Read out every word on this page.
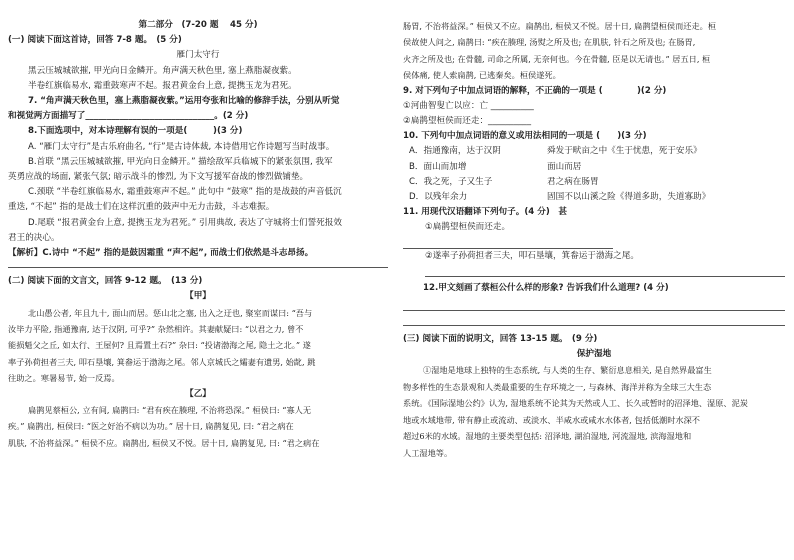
第二部分　(7-20 题　 45 分)
(一) 阅读下面这首诗，回答 7-8 题。　(5 分)
雁门太守行
黑云压城城欲摧, 甲光向日金鳞开。角声满天秋色里, 塞上燕脂凝夜紫。
半卷红旗临易水, 霜重鼓寒声不起。报君黄金台上意, 提携玉龙为君死。
7. “角声满天秋色里，塞上燕脂凝夜紫。”运用夸张和比喻的修辞手法，分别从听觉
和视觉两方面描写了______________________________。(2 分)
8.下面选项中，对本诗理解有误的一项是(　　　)(3 分)
A. “雁门太守行”是古乐府曲名, “行”是古诗体裁, 本诗借用它作诗题写当时战事。
B.首联 “黑云压城城欲摧, 甲光向日金鳞开。” 描绘敌军兵临城下的紧张氛围, 我军
英勇应战的场面, 紧张气氛; 暗示战斗的惨烈, 为下文写援军奋战的惨烈做铺垫。
C.颈联 “半卷红旗临易水, 霜重鼓寒声不起。” 此句中 “鼓寒” 指的是战鼓的声音低沉
重迭, “不起” 指的是战士们在这样沉重的鼓声中无力击鼓，斗志难振。
D.尾联 “报君黄金台上意, 提携玉龙为君死。” 引用典故, 表达了守城将士们誓死报效
君王的决心。
【解析】C.诗中 “不起” 指的是鼓因霜重 “声不起”, 而战士们依然是斗志昂扬。
(二) 阅读下面的文言文，回答 9-12 题。　(13 分)
【甲】
北山愚公者, 年且九十, 面山而居。惩山北之塞, 出入之迂也, 聚室而谋曰: “吾与
汝毕力平险, 指通豫南, 达于汉阴, 可乎?” 杂然相许。其妻献疑曰: “以君之力, 曾不
能损魁父之丘, 如太行、王屋何? 且焉置土石?” 杂曰: “投诸渤海之尾, 隐土之北。” 遂
率子孙荷担者三夫, 叩石垦壤, 箕畚运于渤海之尾。邻人京城氏之孀妻有遗男, 始龀, 跳
往助之。寒暑易节, 始一反焉。
【乙】
扁鹊见蔡桓公, 立有间, 扁鹊曰: “君有疾在腠理, 不治将恐深。” 桓侯曰: “寡人无
疾。” 扁鹊出, 桓侯曰: “医之好治不病以为功。” 居十日, 扁鹊复见, 曰: “君之病在
肌肤, 不治将益深。” 桓侯不应。扁鹊出, 桓侯又不悦。居十日, 扁鹊复见, 曰: “君之病在
肠胃, 不治将益深。” 桓侯又不应。扁鹊出, 桓侯又不悦。居十日, 扁鹊望桓侯而还走。桓
侯故使人问之, 扁鹊曰: “疾在腠理, 汤熨之所及也; 在肌肤, 针石之所及也; 在肠胃,
火齐之所及也; 在骨髓, 司命之所属, 无奈何也。今在骨髓, 臣是以无请也。” 居五日, 桓
侯体痛, 使人索扁鹊, 已逃秦矣。桓侯遂死。
9. 对下列句子中加点词语的解释，不正确的一项是 (　　　　)(2 分)
①河曲智叟亡以应：亡 __________
②扁鹊望桓侯而还走：__________
10. 下列句中加点词语的意义或用法相同的一项是 (　　)(3 分)
A．指通豫南，达于汉阴	舜发于畎亩之中《生于忧患，死于安乐》
B．面山而加增	面山而居
C．我之死，子又生子	君之病在肠胃
D．以残年余力	固国不以山溪之险《得道多助，失道寡助》
11. 用现代汉语翻译下列句子。(4 分)　甚
①扁鹊望桓侯而还走。
②遂率子孙荷担者三夫，叩石垦壤，箕畚运于渤海之尾。
12.甲文刻画了蔡桓公什么样的形象? 告诉我们什么道理? (4 分)
(三) 阅读下面的说明文，回答 13-15 题。　(9 分)
保护湿地
①湿地是地球上独特的生态系统, 与人类的生存、繁衍息息相关, 是自然界最富生
物多样性的生态景观和人类最重要的生存环境之一, 与森林、海洋并称为全球三大生态
系统。《国际湿地公约》认为, 湿地系统不论其为天然或人工、长久或暂时的沼泽地、湿原、泥炭
地或水域地带, 带有静止或流动、或淡水、半咸水或咸水水体者, 包括低潮时水深不
超过6米的水域。湿地的主要类型包括: 沼泽地, 湖泊湿地, 河流湿地, 滨海湿地和
人工湿地等。
